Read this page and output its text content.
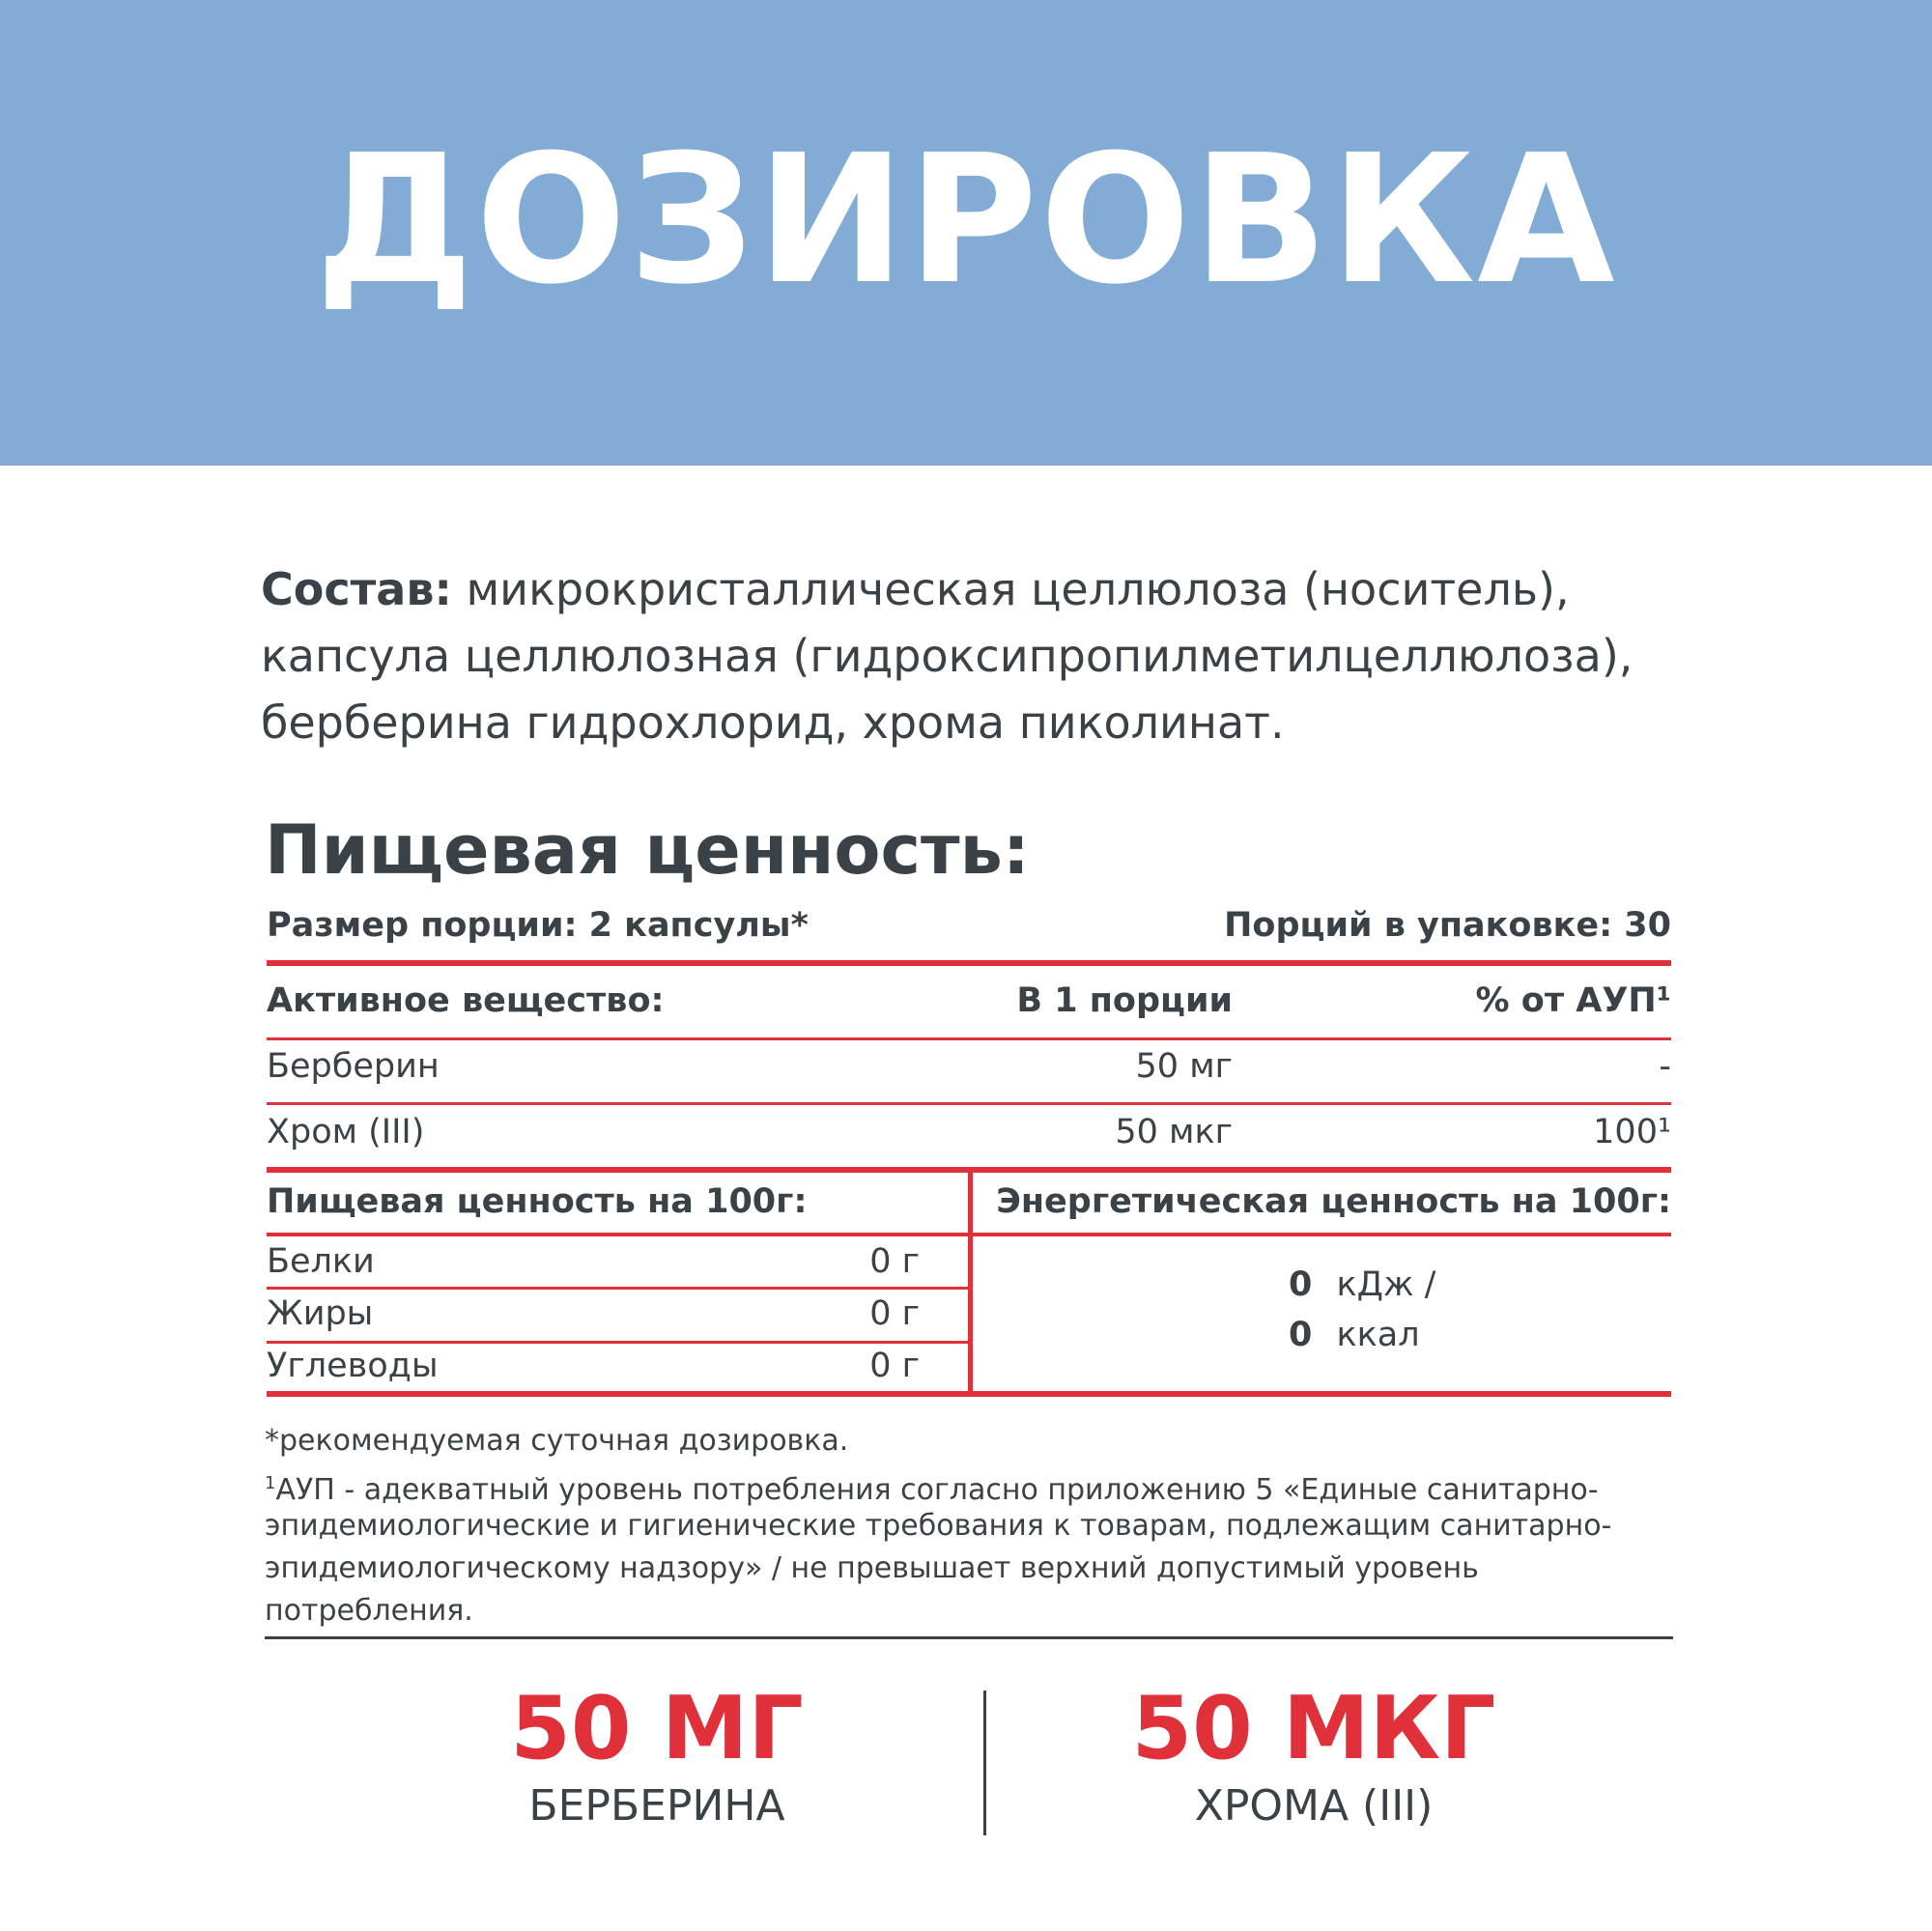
ДОЗИРОВКА
Состав: микрокристаллическая целлюлоза (носитель), капсула целлюлозная (гидроксипропилметилцеллюлоза), берберина гидрохлорид, хрома пиколинат.
Пищевая ценность:
Размер порции: 2 капсулы*	Порций в упаковке: 30
Активное вещество:	В 1 порции	% от АУП¹
Берберин	50 мг	-
Хром (III)	50 мкг	100¹
Пищевая ценность на 100г:	Энергетическая ценность на 100г:
Белки	0 г
Жиры	0 г
Углеводы	0 г
0 кДж /
0 ккал
*рекомендуемая суточная дозировка.
$^1$АУП - адекватный уровень потребления согласно приложению 5 «Единые санитарно-
эпидемиологические и гигиенические требования к товарам, подлежащим санитарно-
эпидемиологическому надзору» / не превышает верхний допустимый уровень потребления.
50 МГ
БЕРБЕРИНА
50 МКГ
ХРОМА (III)
